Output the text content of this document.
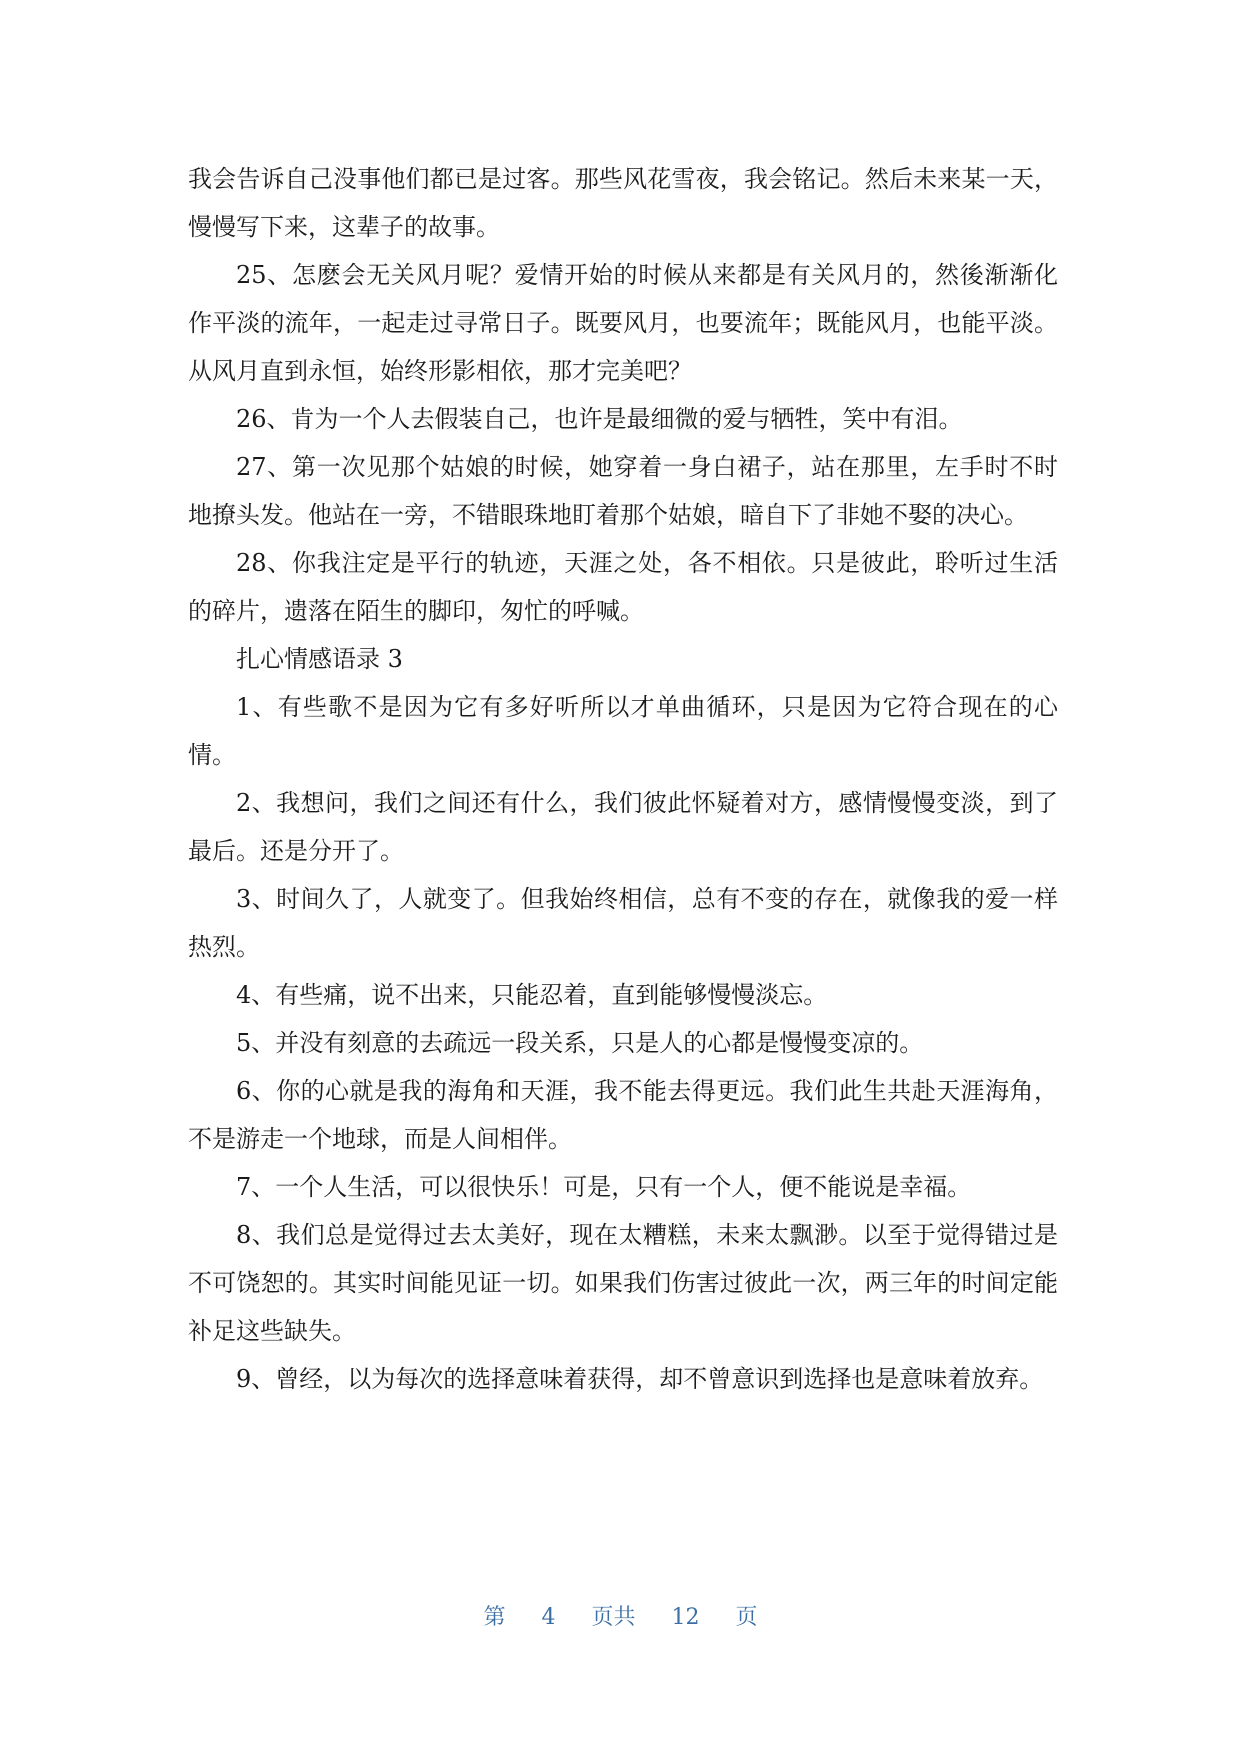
我会告诉自己没事他们都已是过客。那些风花雪夜，我会铭记。然后未来某一天，慢慢写下来，这辈子的故事。

25、怎麽会无关风月呢？爱情开始的时候从来都是有关风月的，然後渐渐化作平淡的流年，一起走过寻常日子。既要风月，也要流年；既能风月，也能平淡。从风月直到永恒，始终形影相依，那才完美吧？

26、肯为一个人去假装自己，也许是最细微的爱与牺牲，笑中有泪。

27、第一次见那个姑娘的时候，她穿着一身白裙子，站在那里，左手时不时地撩头发。他站在一旁，不错眼珠地盯着那个姑娘，暗自下了非她不娶的决心。

28、你我注定是平行的轨迹，天涯之处，各不相依。只是彼此，聆听过生活的碎片，遗落在陌生的脚印，匆忙的呼喊。

扎心情感语录 3

1、有些歌不是因为它有多好听所以才单曲循环，只是因为它符合现在的心情。

2、我想问，我们之间还有什么，我们彼此怀疑着对方，感情慢慢变淡，到了最后。还是分开了。

3、时间久了，人就变了。但我始终相信，总有不变的存在，就像我的爱一样热烈。

4、有些痛，说不出来，只能忍着，直到能够慢慢淡忘。

5、并没有刻意的去疏远一段关系，只是人的心都是慢慢变凉的。

6、你的心就是我的海角和天涯，我不能去得更远。我们此生共赴天涯海角，不是游走一个地球，而是人间相伴。

7、一个人生活，可以很快乐！可是，只有一个人，便不能说是幸福。

8、我们总是觉得过去太美好，现在太糟糕，未来太飘渺。以至于觉得错过是不可饶恕的。其实时间能见证一切。如果我们伤害过彼此一次，两三年的时间定能补足这些缺失。

9、曾经，以为每次的选择意味着获得，却不曾意识到选择也是意味着放弃。

第 4 页共 12 页
